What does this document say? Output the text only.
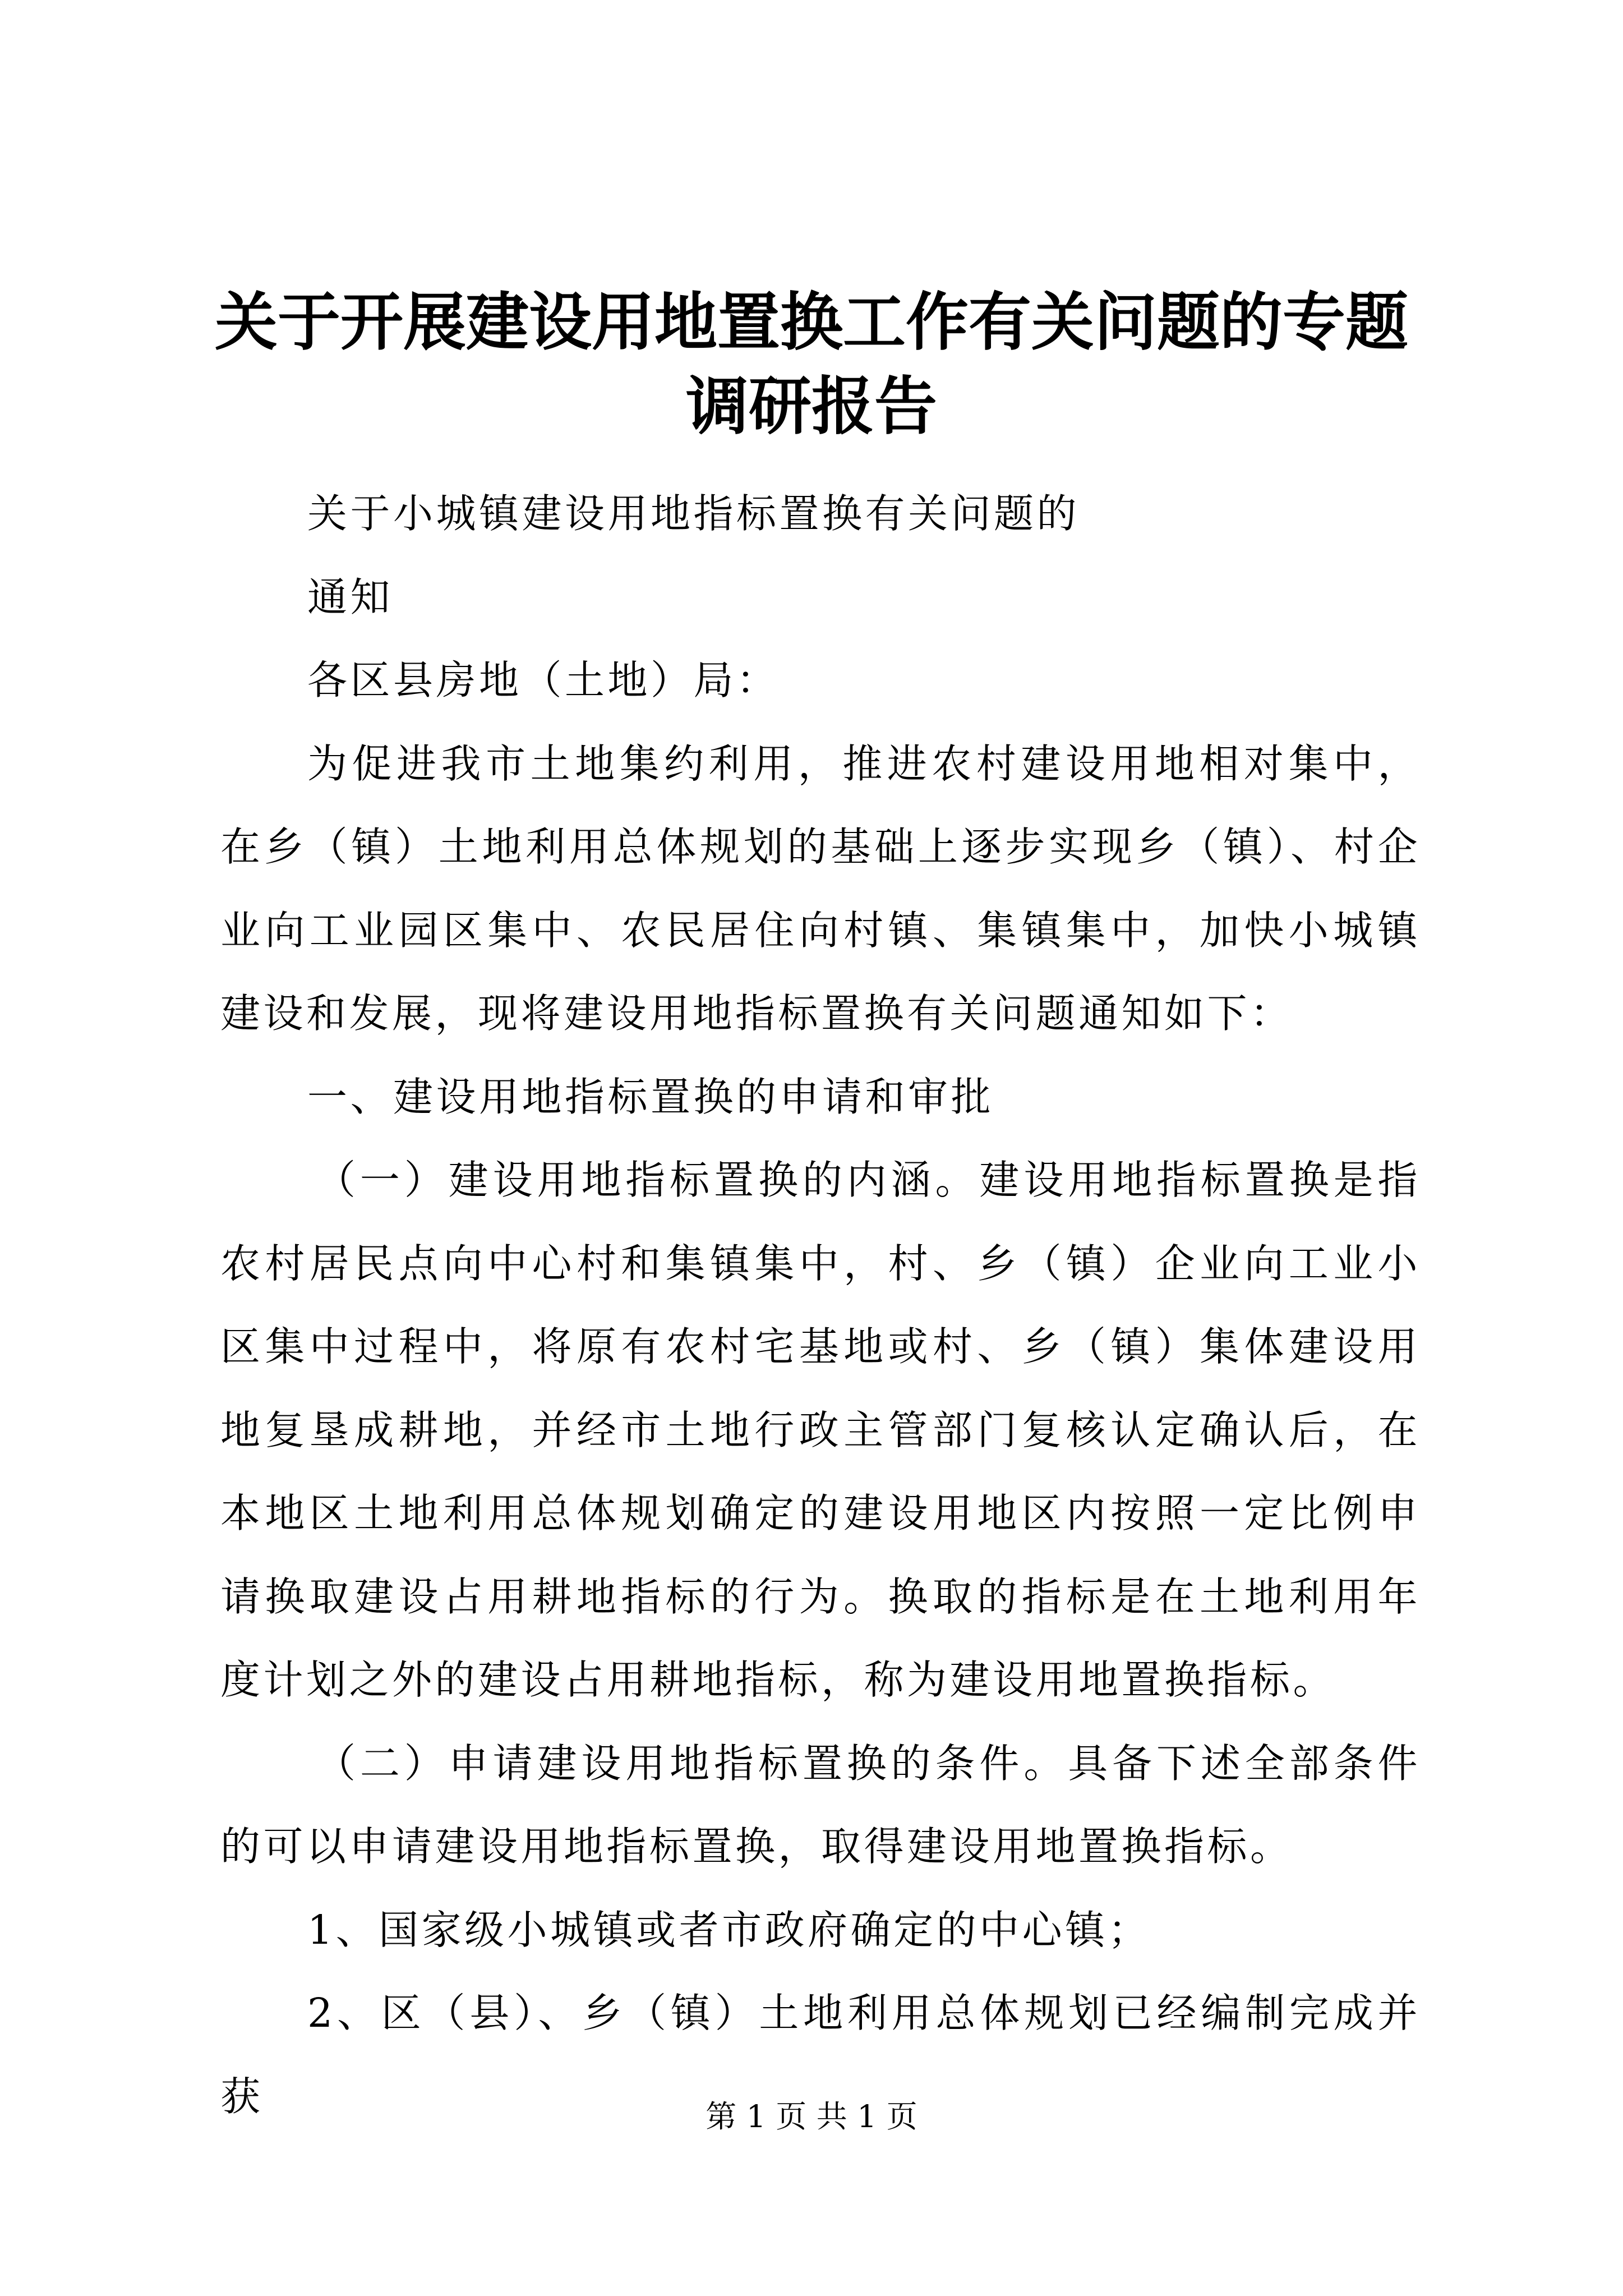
关于开展建设用地置换工作有关问题的专题调研报告

关于小城镇建设用地指标置换有关问题的

通知

各区县房地（土地）局：

为促进我市土地集约利用，推进农村建设用地相对集中，在乡（镇）土地利用总体规划的基础上逐步实现乡（镇）、村企业向工业园区集中、农民居住向村镇、集镇集中，加快小城镇建设和发展，现将建设用地指标置换有关问题通知如下：

一、建设用地指标置换的申请和审批

（一）建设用地指标置换的内涵。建设用地指标置换是指农村居民点向中心村和集镇集中，村、乡（镇）企业向工业小区集中过程中，将原有农村宅基地或村、乡（镇）集体建设用地复垦成耕地，并经市土地行政主管部门复核认定确认后，在本地区土地利用总体规划确定的建设用地区内按照一定比例申请换取建设占用耕地指标的行为。换取的指标是在土地利用年度计划之外的建设占用耕地指标，称为建设用地置换指标。

（二）申请建设用地指标置换的条件。具备下述全部条件的可以申请建设用地指标置换，取得建设用地置换指标。

1、国家级小城镇或者市政府确定的中心镇；

2、区（县）、乡（镇）土地利用总体规划已经编制完成并获	第 1 页 共 1 页
